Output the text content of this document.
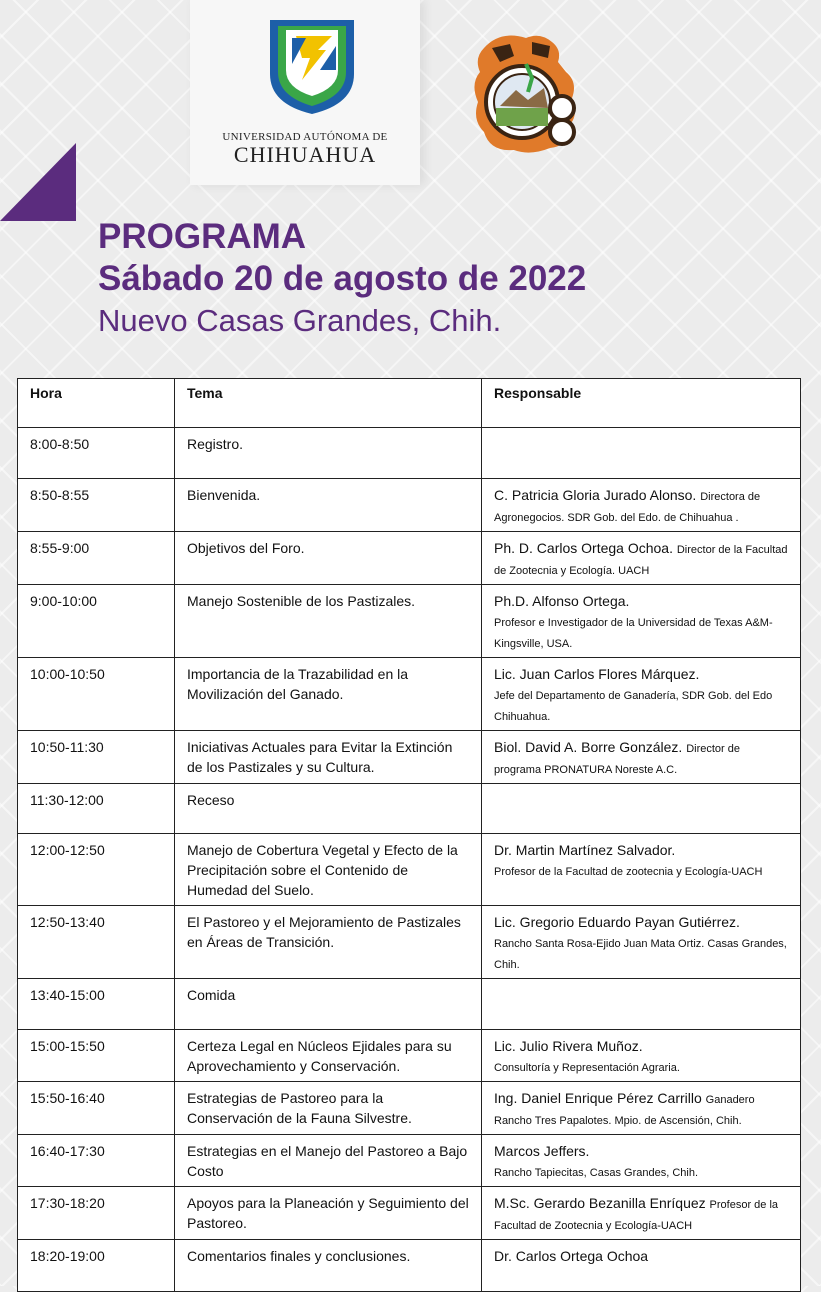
UNIVERSIDAD AUTÓNOMA DE
CHIHUAHUA
PROGRAMA
Sábado 20 de agosto de 2022
Nuevo Casas Grandes, Chih.
Hora	Tema	Responsable
8:00-8:50	Registro.	
8:50-8:55	Bienvenida.	C. Patricia Gloria Jurado Alonso. Directora de Agronegocios. SDR Gob. del Edo. de Chihuahua .
8:55-9:00	Objetivos del Foro.	Ph. D. Carlos Ortega Ochoa. Director de la Facultad de Zootecnia y Ecología. UACH
9:00-10:00	Manejo Sostenible de los Pastizales.	Ph.D. Alfonso Ortega.
Profesor e Investigador de la Universidad de Texas A&M-Kingsville, USA.
10:00-10:50	Importancia de la Trazabilidad en la Movilización del Ganado.	Lic. Juan Carlos Flores Márquez.
Jefe del Departamento de Ganadería, SDR Gob. del Edo Chihuahua.
10:50-11:30	Iniciativas Actuales para Evitar la Extinción de los Pastizales y su Cultura.	Biol. David A. Borre González. Director de programa PRONATURA Noreste A.C.
11:30-12:00	Receso	
12:00-12:50	Manejo de Cobertura Vegetal y Efecto de la Precipitación sobre el Contenido de Humedad del Suelo.	Dr. Martin Martínez Salvador.
Profesor de la Facultad de zootecnia y Ecología-UACH
12:50-13:40	El Pastoreo y el Mejoramiento de Pastizales en Áreas de Transición.	Lic. Gregorio Eduardo Payan Gutiérrez.
Rancho Santa Rosa-Ejido Juan Mata Ortiz. Casas Grandes, Chih.
13:40-15:00	Comida	
15:00-15:50	Certeza Legal en Núcleos Ejidales para su Aprovechamiento y Conservación.	Lic. Julio Rivera Muñoz.
Consultoría y Representación Agraria.
15:50-16:40	Estrategias de Pastoreo para la Conservación de la Fauna Silvestre.	Ing. Daniel Enrique Pérez Carrillo Ganadero Rancho Tres Papalotes. Mpio. de Ascensión, Chih.
16:40-17:30	Estrategias en el Manejo del Pastoreo a Bajo Costo	Marcos Jeffers.
Rancho Tapiecitas, Casas Grandes, Chih.
17:30-18:20	Apoyos para la Planeación y Seguimiento del Pastoreo.	M.Sc. Gerardo Bezanilla Enríquez Profesor de la Facultad de Zootecnia y Ecología-UACH
18:20-19:00	Comentarios finales y conclusiones.	Dr. Carlos Ortega Ochoa
